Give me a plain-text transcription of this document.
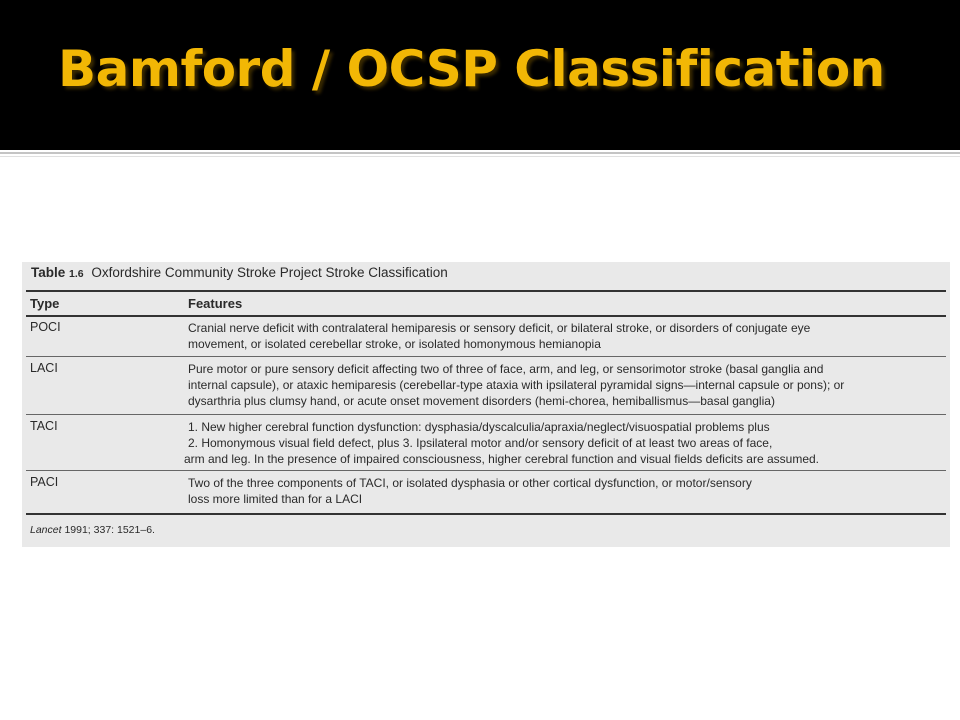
Bamford / OCSP Classification
Table 1.6 Oxfordshire Community Stroke Project Stroke Classification
Type	Features
POCI	Cranial nerve deficit with contralateral hemiparesis or sensory deficit, or bilateral stroke, or disorders of conjugate eye
movement, or isolated cerebellar stroke, or isolated homonymous hemianopia
LACI	Pure motor or pure sensory deficit affecting two of three of face, arm, and leg, or sensorimotor stroke (basal ganglia and
internal capsule), or ataxic hemiparesis (cerebellar-type ataxia with ipsilateral pyramidal signs—internal capsule or pons); or
dysarthria plus clumsy hand, or acute onset movement disorders (hemi-chorea, hemiballismus—basal ganglia)
TACI	1. New higher cerebral function dysfunction: dysphasia/dyscalculia/apraxia/neglect/visuospatial problems plus
2. Homonymous visual field defect, plus 3. Ipsilateral motor and/or sensory deficit of at least two areas of face,
arm and leg. In the presence of impaired consciousness, higher cerebral function and visual fields deficits are assumed.
PACI	Two of the three components of TACI, or isolated dysphasia or other cortical dysfunction, or motor/sensory
loss more limited than for a LACI
Lancet 1991; 337: 1521–6.
